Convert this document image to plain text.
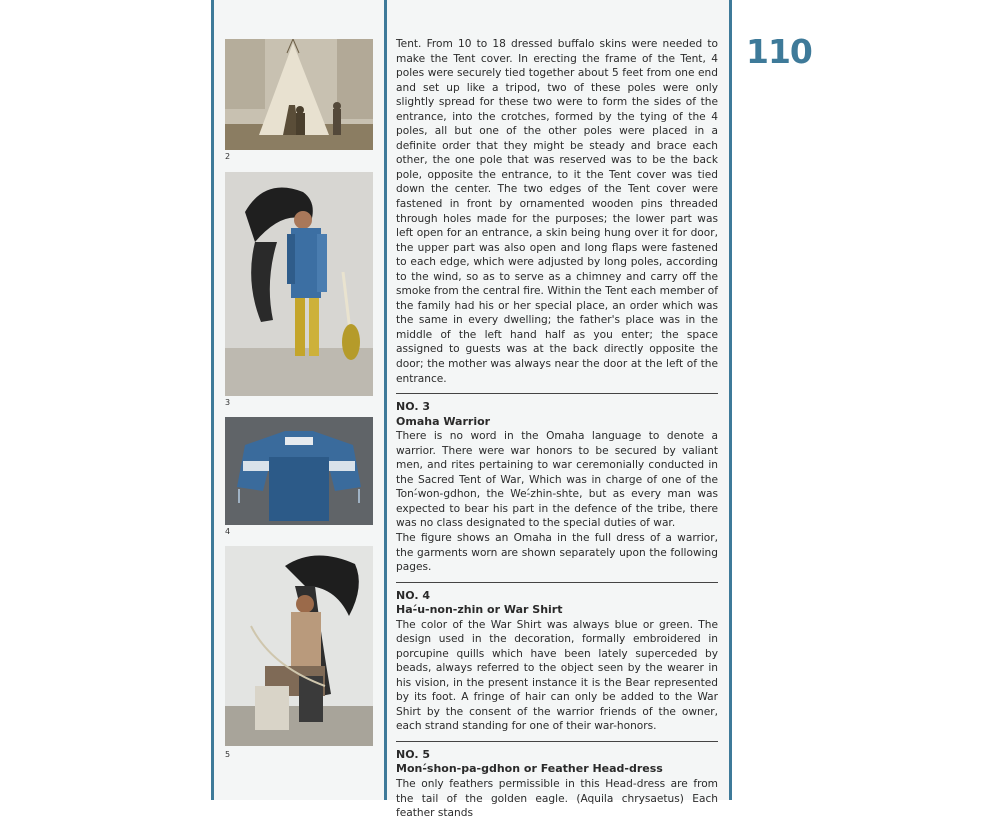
110
2
3
4
5

Tent. From 10 to 18 dressed buffalo skins were needed to make the Tent cover. In erecting the frame of the Tent, 4 poles were securely tied together about 5 feet from one end and set up like a tripod, two of these poles were only slightly spread for these two were to form the sides of the entrance, into the crotches, formed by the tying of the 4 poles, all but one of the other poles were placed in a definite order that they might be steady and brace each other, the one pole that was reserved was to be the back pole, opposite the entrance, to it the Tent cover was tied down the center. The two edges of the Tent cover were fastened in front by ornamented wooden pins threaded through holes made for the purposes; the lower part was left open for an entrance, a skin being hung over it for door, the upper part was also open and long flaps were fastened to each edge, which were adjusted by long poles, according to the wind, so as to serve as a chimney and carry off the smoke from the central fire. Within the Tent each member of the family had his or her special place, an order which was the same in every dwelling; the father's place was in the middle of the left hand half as you enter; the space assigned to guests was at the back directly opposite the door; the mother was always near the door at the left of the entrance.

NO. 3
Omaha Warrior

There is no word in the Omaha language to denote a warrior. There were war honors to be secured by valiant men, and rites pertaining to war ceremonially conducted in the Sacred Tent of War, Which was in charge of one of the Ton-́won-gdhon, the We-́zhin-shte, but as every man was expected to bear his part in the defence of the tribe, there was no class designated to the special duties of war.

The figure shows an Omaha in the full dress of a warrior, the garments worn are shown separately upon the following pages.

NO. 4
Ha-́u-non-zhin or War Shirt

The color of the War Shirt was always blue or green. The design used in the decoration, formally embroidered in porcupine quills which have been lately superceded by beads, always referred to the object seen by the wearer in his vision, in the present instance it is the Bear represented by its foot. A fringe of hair can only be added to the War Shirt by the consent of the warrior friends of the owner, each strand standing for one of their war-honors.

NO. 5
Mon-́shon-pa-gdhon or Feather Head-dress

The only feathers permissible in this Head-dress are from the tail of the golden eagle. (Aquila chrysaetus) Each feather stands
